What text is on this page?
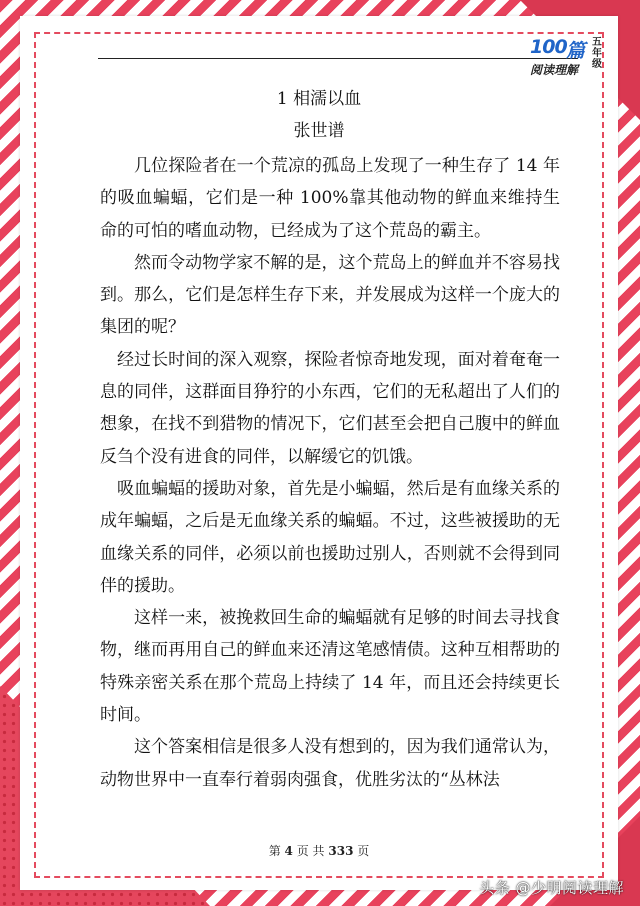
100 篇 五年级
阅读理解
1 相濡以血
张世谱

几位探险者在一个荒凉的孤岛上发现了一种生存了 14 年的吸血蝙蝠，它们是一种 100%靠其他动物的鲜血来维持生命的可怕的嗜血动物，已经成为了这个荒岛的霸主。

然而令动物学家不解的是，这个荒岛上的鲜血并不容易找到。那么，它们是怎样生存下来，并发展成为这样一个庞大的集团的呢？

经过长时间的深入观察，探险者惊奇地发现，面对着奄奄一息的同伴，这群面目狰狞的小东西，它们的无私超出了人们的想象，在找不到猎物的情况下，它们甚至会把自己腹中的鲜血反刍个没有进食的同伴，以解缓它的饥饿。

吸血蝙蝠的援助对象，首先是小蝙蝠，然后是有血缘关系的成年蝙蝠，之后是无血缘关系的蝙蝠。不过，这些被援助的无血缘关系的同伴，必须以前也援助过别人，否则就不会得到同伴的援助。

这样一来，被挽救回生命的蝙蝠就有足够的时间去寻找食物，继而再用自己的鲜血来还清这笔感情债。这种互相帮助的特殊亲密关系在那个荒岛上持续了 14 年，而且还会持续更长时间。

这个答案相信是很多人没有想到的，因为我们通常认为，动物世界中一直奉行着弱肉强食，优胜劣汰的“丛林法

第 4 页 共 333 页
头条 @少明阅读理解
